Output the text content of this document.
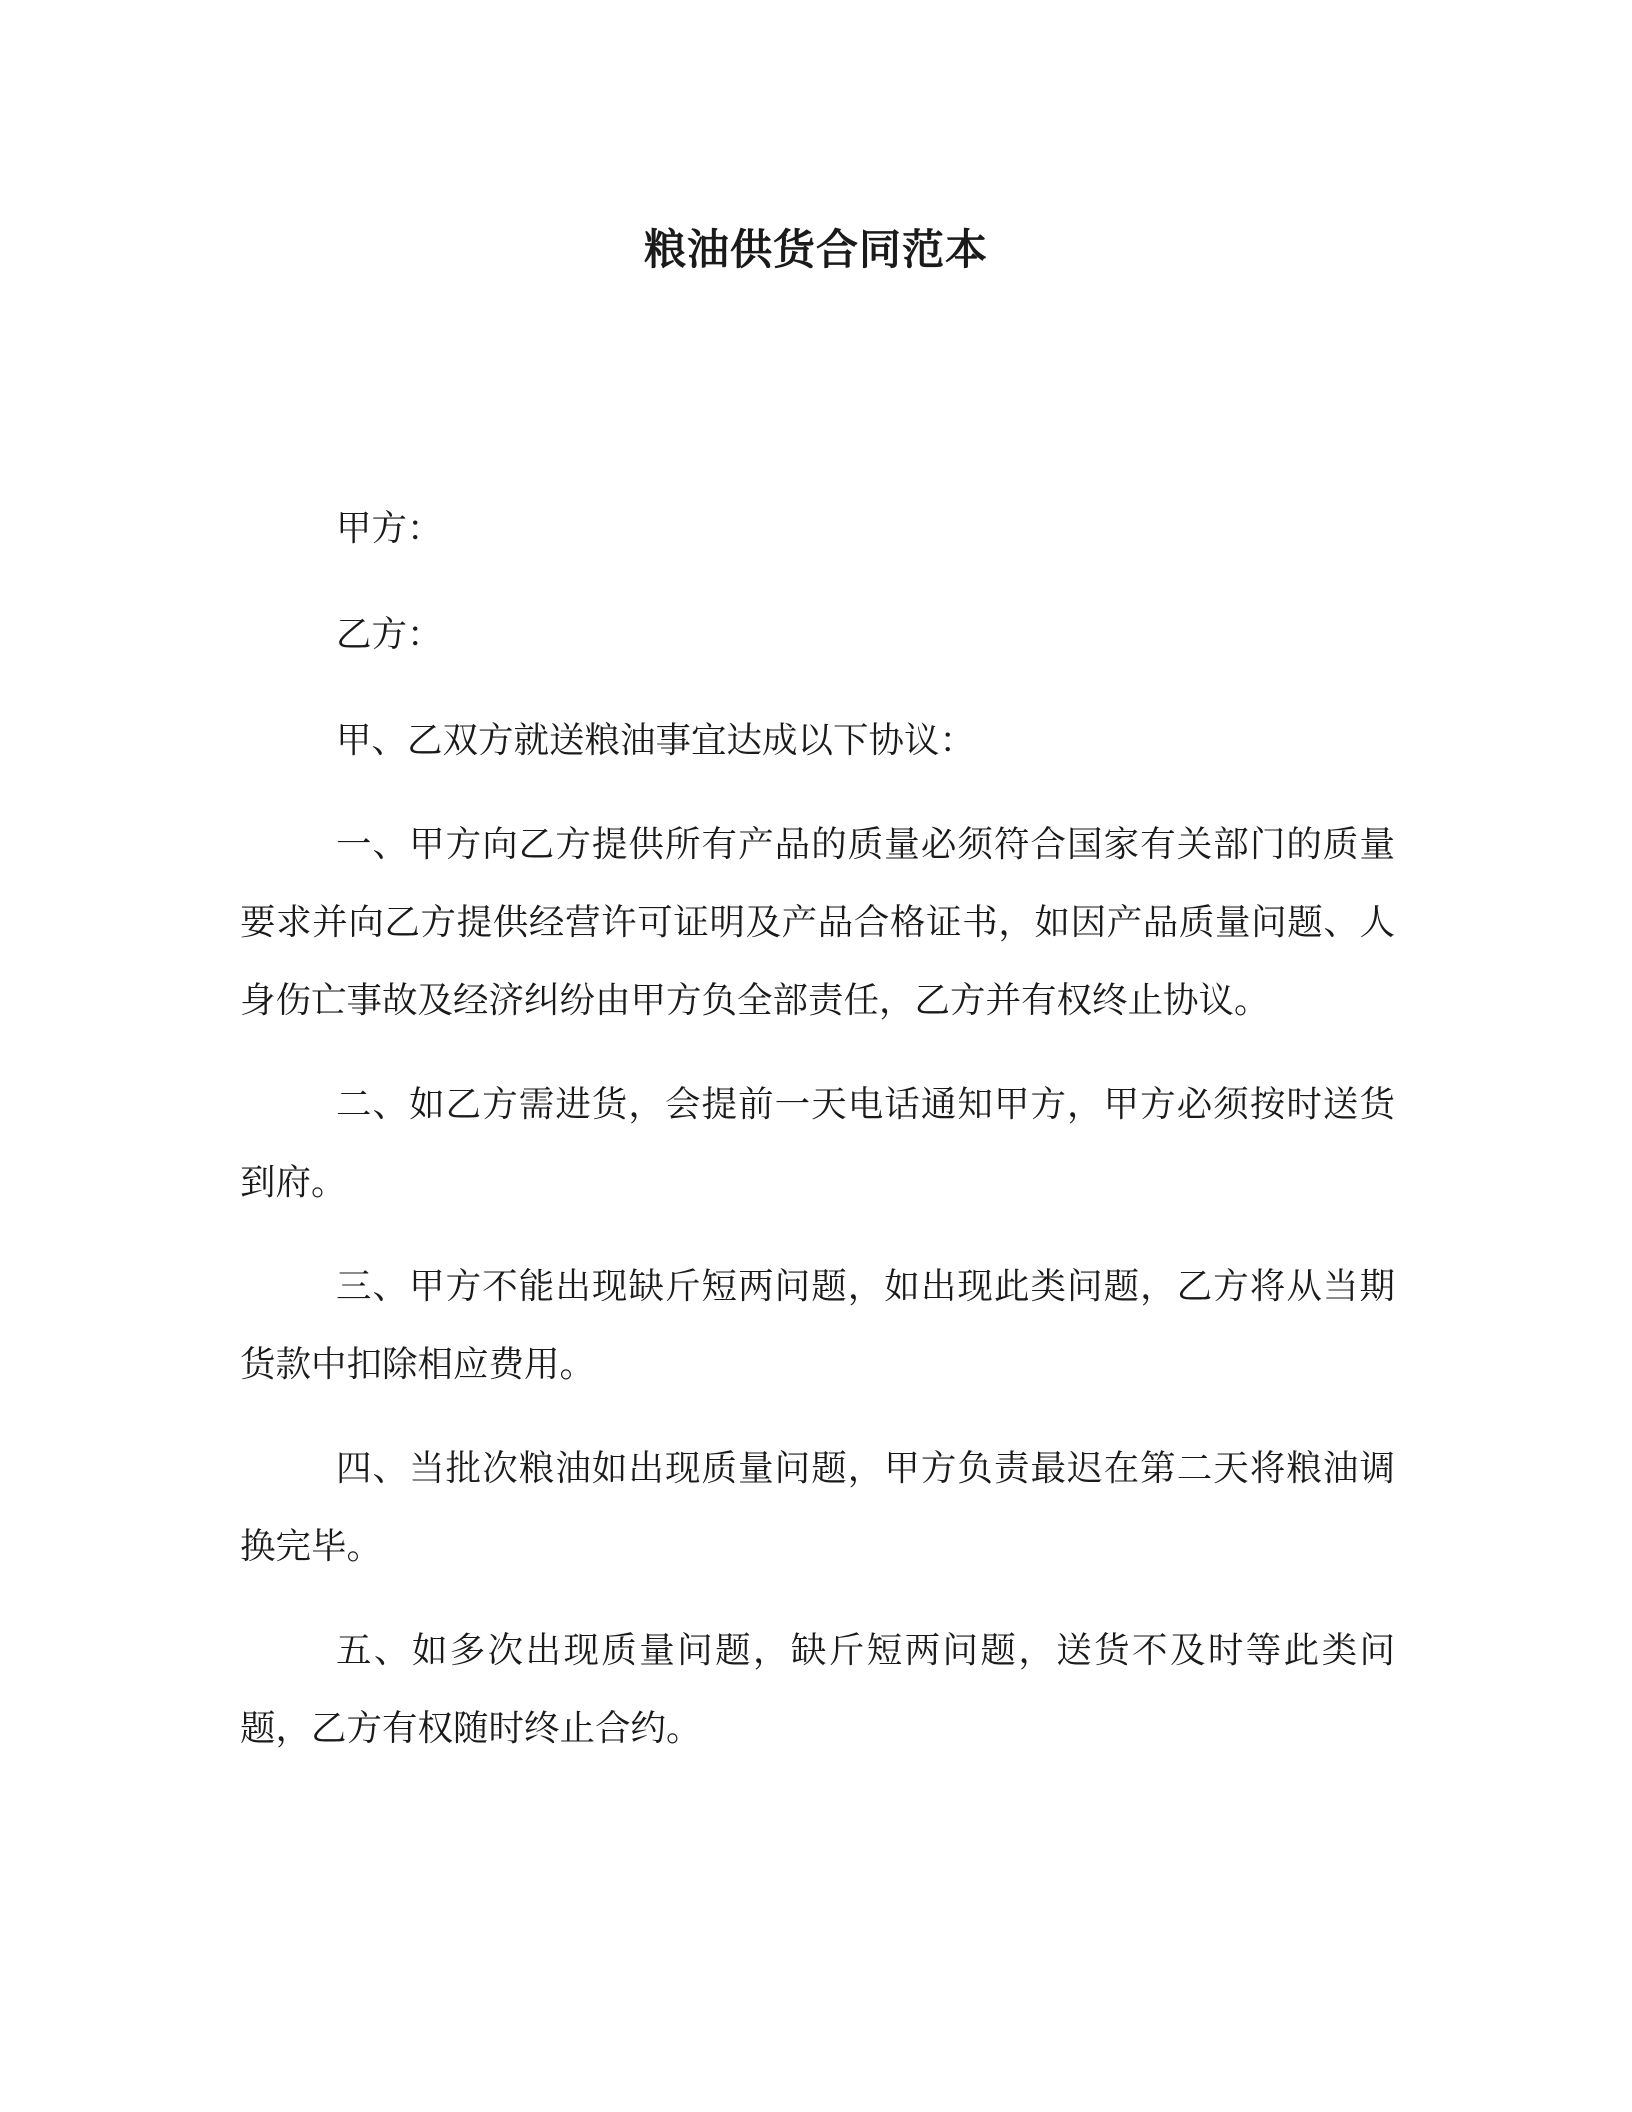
粮油供货合同范本

甲方：

乙方：

甲、乙双方就送粮油事宜达成以下协议：

一、甲方向乙方提供所有产品的质量必须符合国家有关部门的质量要求并向乙方提供经营许可证明及产品合格证书，如因产品质量问题、人身伤亡事故及经济纠纷由甲方负全部责任，乙方并有权终止协议。

二、如乙方需进货，会提前一天电话通知甲方，甲方必须按时送货到府。

三、甲方不能出现缺斤短两问题，如出现此类问题，乙方将从当期货款中扣除相应费用。

四、当批次粮油如出现质量问题，甲方负责最迟在第二天将粮油调换完毕。

五、如多次出现质量问题，缺斤短两问题，送货不及时等此类问题，乙方有权随时终止合约。
